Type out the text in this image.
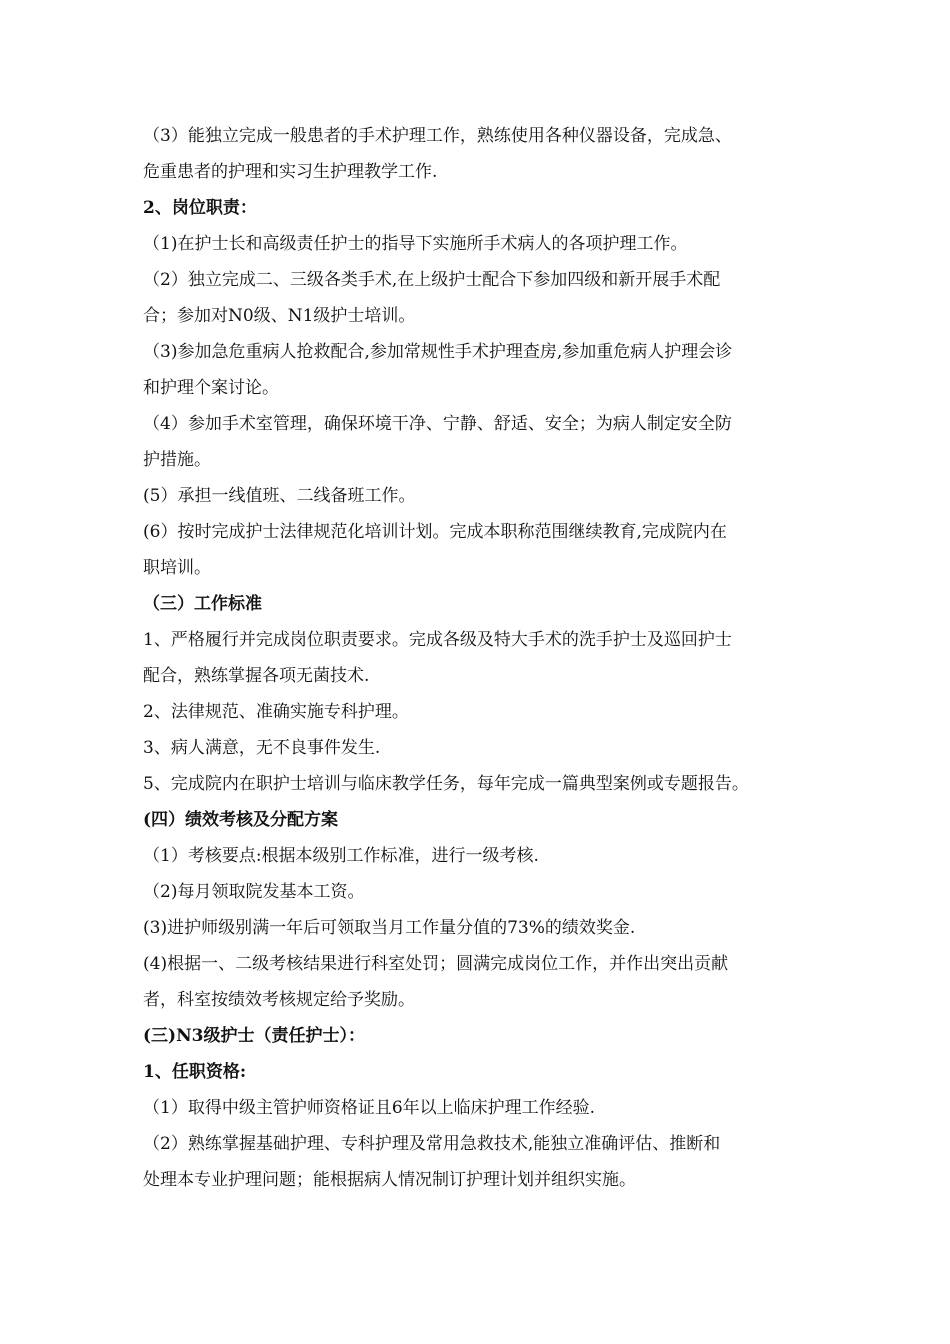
（3）能独立完成一般患者的手术护理工作，熟练使用各种仪器设备，完成急、
危重患者的护理和实习生护理教学工作.
2、岗位职责：
（1)在护士长和高级责任护士的指导下实施所手术病人的各项护理工作。
（2）独立完成二、三级各类手术,在上级护士配合下参加四级和新开展手术配
合；参加对N0级、N1级护士培训。
（3)参加急危重病人抢救配合,参加常规性手术护理查房,参加重危病人护理会诊
和护理个案讨论。
（4）参加手术室管理，确保环境干净、宁静、舒适、安全；为病人制定安全防
护措施。
(5）承担一线值班、二线备班工作。
(6）按时完成护士法律规范化培训计划。完成本职称范围继续教育,完成院内在
职培训。
（三）工作标准
1、严格履行并完成岗位职责要求。完成各级及特大手术的洗手护士及巡回护士
配合，熟练掌握各项无菌技术.
2、法律规范、准确实施专科护理。
3、病人满意，无不良事件发生.
5、完成院内在职护士培训与临床教学任务，每年完成一篇典型案例或专题报告。
(四）绩效考核及分配方案
（1）考核要点:根据本级别工作标准，进行一级考核.
（2)每月领取院发基本工资。
(3)进护师级别满一年后可领取当月工作量分值的73%的绩效奖金.
(4)根据一、二级考核结果进行科室处罚；圆满完成岗位工作，并作出突出贡献
者，科室按绩效考核规定给予奖励。
(三)N3级护士（责任护士）：
1、任职资格:
（1）取得中级主管护师资格证且6年以上临床护理工作经验.
（2）熟练掌握基础护理、专科护理及常用急救技术,能独立准确评估、推断和
处理本专业护理问题；能根据病人情况制订护理计划并组织实施。
